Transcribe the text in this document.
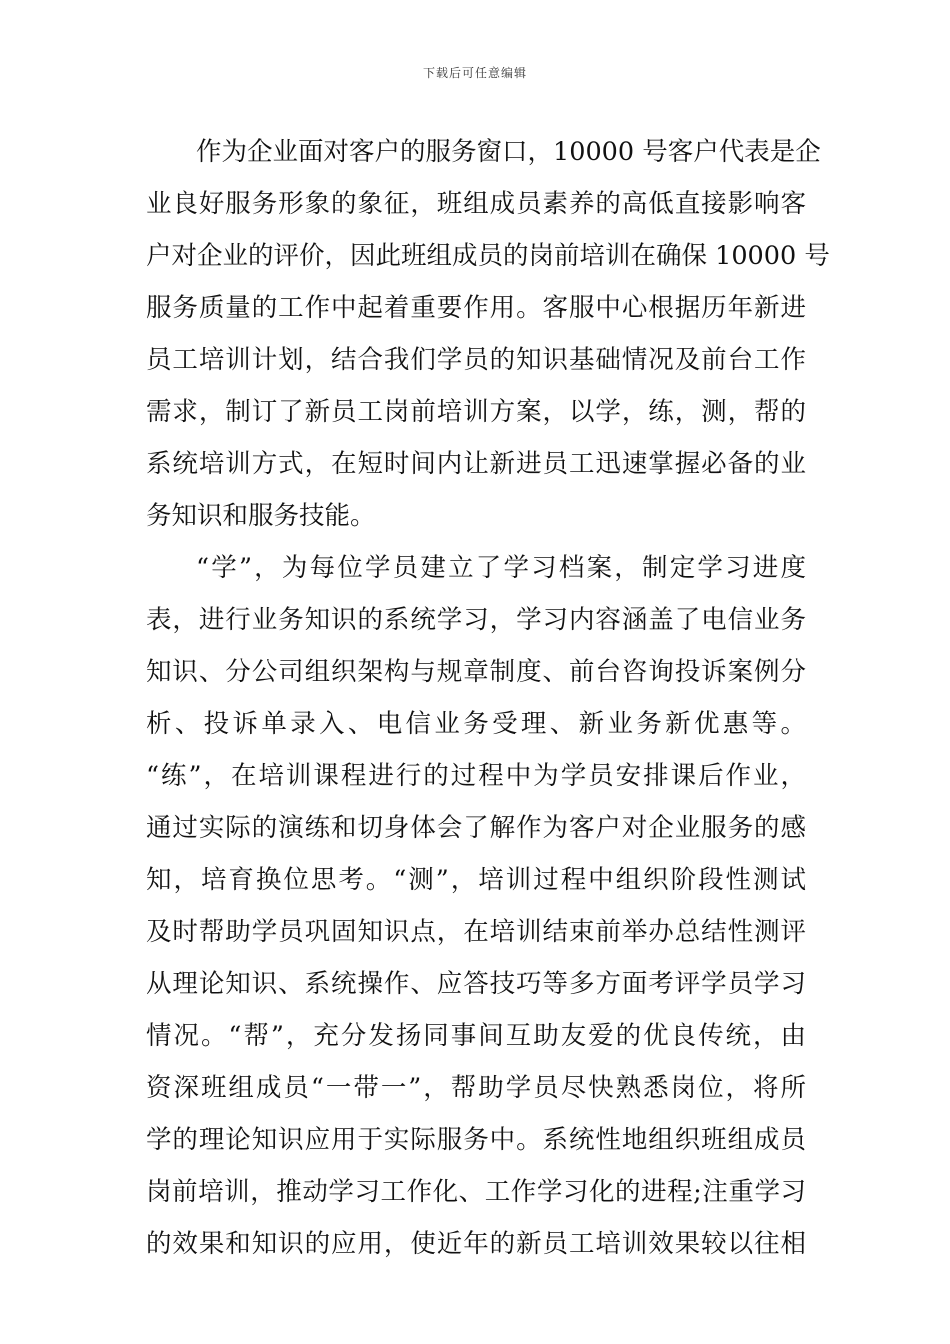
下载后可任意编辑
作为企业面对客户的服务窗口，10000 号客户代表是企
业良好服务形象的象征，班组成员素养的高低直接影响客
户对企业的评价，因此班组成员的岗前培训在确保 10000 号
服务质量的工作中起着重要作用。客服中心根据历年新进
员工培训计划，结合我们学员的知识基础情况及前台工作
需求，制订了新员工岗前培训方案，以学，练，测，帮的
系统培训方式，在短时间内让新进员工迅速掌握必备的业
务知识和服务技能。
“学”，为每位学员建立了学习档案，制定学习进度
表，进行业务知识的系统学习，学习内容涵盖了电信业务
知识、分公司组织架构与规章制度、前台咨询投诉案例分
析、投诉单录入、电信业务受理、新业务新优惠等。
“练”，在培训课程进行的过程中为学员安排课后作业，
通过实际的演练和切身体会了解作为客户对企业服务的感
知，培育换位思考。“测”，培训过程中组织阶段性测试
及时帮助学员巩固知识点，在培训结束前举办总结性测评
从理论知识、系统操作、应答技巧等多方面考评学员学习
情况。“帮”，充分发扬同事间互助友爱的优良传统，由
资深班组成员“一带一”，帮助学员尽快熟悉岗位，将所
学的理论知识应用于实际服务中。系统性地组织班组成员
岗前培训，推动学习工作化、工作学习化的进程;注重学习
的效果和知识的应用，使近年的新员工培训效果较以往相
